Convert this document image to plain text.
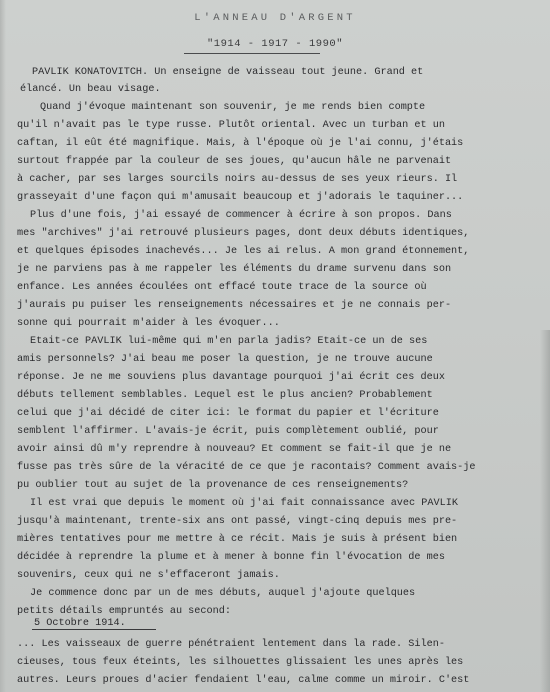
L'ANNEAU D'ARGENT
"1914 - 1917 - 1990"
PAVLIK KONATOVITCH. Un enseigne de vaisseau tout jeune. Grand et
élancé. Un beau visage.
Quand j'évoque maintenant son souvenir, je me rends bien compte
qu'il n'avait pas le type russe. Plutôt oriental. Avec un turban et un
caftan, il eût été magnifique. Mais, à l'époque où je l'ai connu, j'étais
surtout frappée par la couleur de ses joues, qu'aucun hâle ne parvenait
à cacher, par ses larges sourcils noirs au-dessus de ses yeux rieurs. Il
grasseyait d'une façon qui m'amusait beaucoup et j'adorais le taquiner...
Plus d'une fois, j'ai essayé de commencer à écrire à son propos. Dans
mes "archives" j'ai retrouvé plusieurs pages, dont deux débuts identiques,
et quelques épisodes inachevés... Je les ai relus. A mon grand étonnement,
je ne parviens pas à me rappeler les éléments du drame survenu dans son
enfance. Les années écoulées ont effacé toute trace de la source où
j'aurais pu puiser les renseignements nécessaires et je ne connais per-
sonne qui pourrait m'aider à les évoquer...
Etait-ce PAVLIK lui-même qui m'en parla jadis? Etait-ce un de ses
amis personnels? J'ai beau me poser la question, je ne trouve aucune
réponse. Je ne me souviens plus davantage pourquoi j'ai écrit ces deux
débuts tellement semblables. Lequel est le plus ancien? Probablement
celui que j'ai décidé de citer ici: le format du papier et l'écriture
semblent l'affirmer. L'avais-je écrit, puis complètement oublié, pour
avoir ainsi dû m'y reprendre à nouveau? Et comment se fait-il que je ne
fusse pas très sûre de la véracité de ce que je racontais? Comment avais-je
pu oublier tout au sujet de la provenance de ces renseignements?
Il est vrai que depuis le moment où j'ai fait connaissance avec PAVLIK
jusqu'à maintenant, trente-six ans ont passé, vingt-cinq depuis mes pre-
mières tentatives pour me mettre à ce récit. Mais je suis à présent bien
décidée à reprendre la plume et à mener à bonne fin l'évocation de mes
souvenirs, ceux qui ne s'effaceront jamais.
Je commence donc par un de mes débuts, auquel j'ajoute quelques
petits détails empruntés au second:
5 Octobre 1914.
... Les vaisseaux de guerre pénétraient lentement dans la rade. Silen-
cieuses, tous feux éteints, les silhouettes glissaient les unes après les
autres. Leurs proues d'acier fendaient l'eau, calme comme un miroir. C'est
